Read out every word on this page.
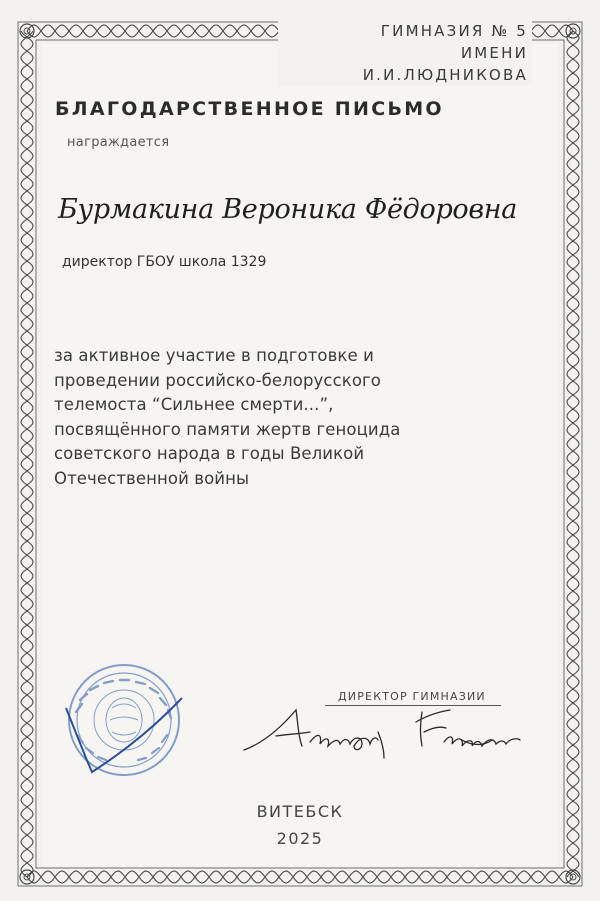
ГИМНАЗИЯ № 5
ИМЕНИ
И.И.ЛЮДНИКОВА
БЛАГОДАРСТВЕННОЕ ПИСЬМО
награждается
Бурмакина Вероника Фёдоровна
директор ГБОУ школа 1329
за активное участие в подготовке и
проведении российско-белорусского
телемоста “Сильнее смерти...”,
посвящённого памяти жертв геноцида
советского народа в годы Великой
Отечественной войны
ДИРЕКТОР ГИМНАЗИИ
ВИТЕБСК
2025
